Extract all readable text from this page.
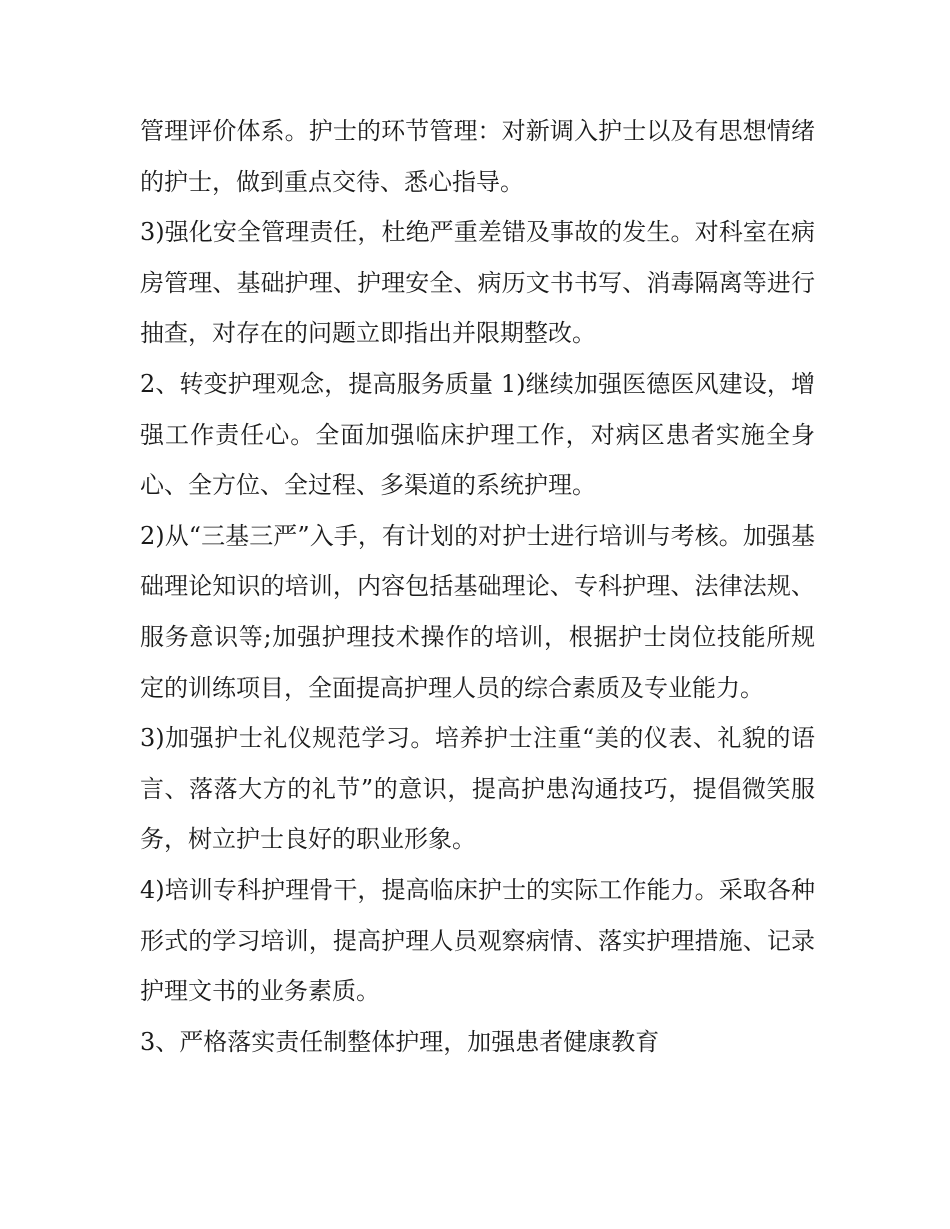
管理评价体系。护士的环节管理：对新调入护士以及有思想情绪的护士，做到重点交待、悉心指导。

3)强化安全管理责任，杜绝严重差错及事故的发生。对科室在病房管理、基础护理、护理安全、病历文书书写、消毒隔离等进行抽查，对存在的问题立即指出并限期整改。

2、转变护理观念，提高服务质量 1)继续加强医德医风建设，增强工作责任心。全面加强临床护理工作，对病区患者实施全身心、全方位、全过程、多渠道的系统护理。

2)从“三基三严”入手，有计划的对护士进行培训与考核。加强基础理论知识的培训，内容包括基础理论、专科护理、法律法规、服务意识等;加强护理技术操作的培训，根据护士岗位技能所规定的训练项目，全面提高护理人员的综合素质及专业能力。

3)加强护士礼仪规范学习。培养护士注重“美的仪表、礼貌的语言、落落大方的礼节”的意识，提高护患沟通技巧，提倡微笑服务，树立护士良好的职业形象。

4)培训专科护理骨干，提高临床护士的实际工作能力。采取各种形式的学习培训，提高护理人员观察病情、落实护理措施、记录护理文书的业务素质。

3、严格落实责任制整体护理，加强患者健康教育
